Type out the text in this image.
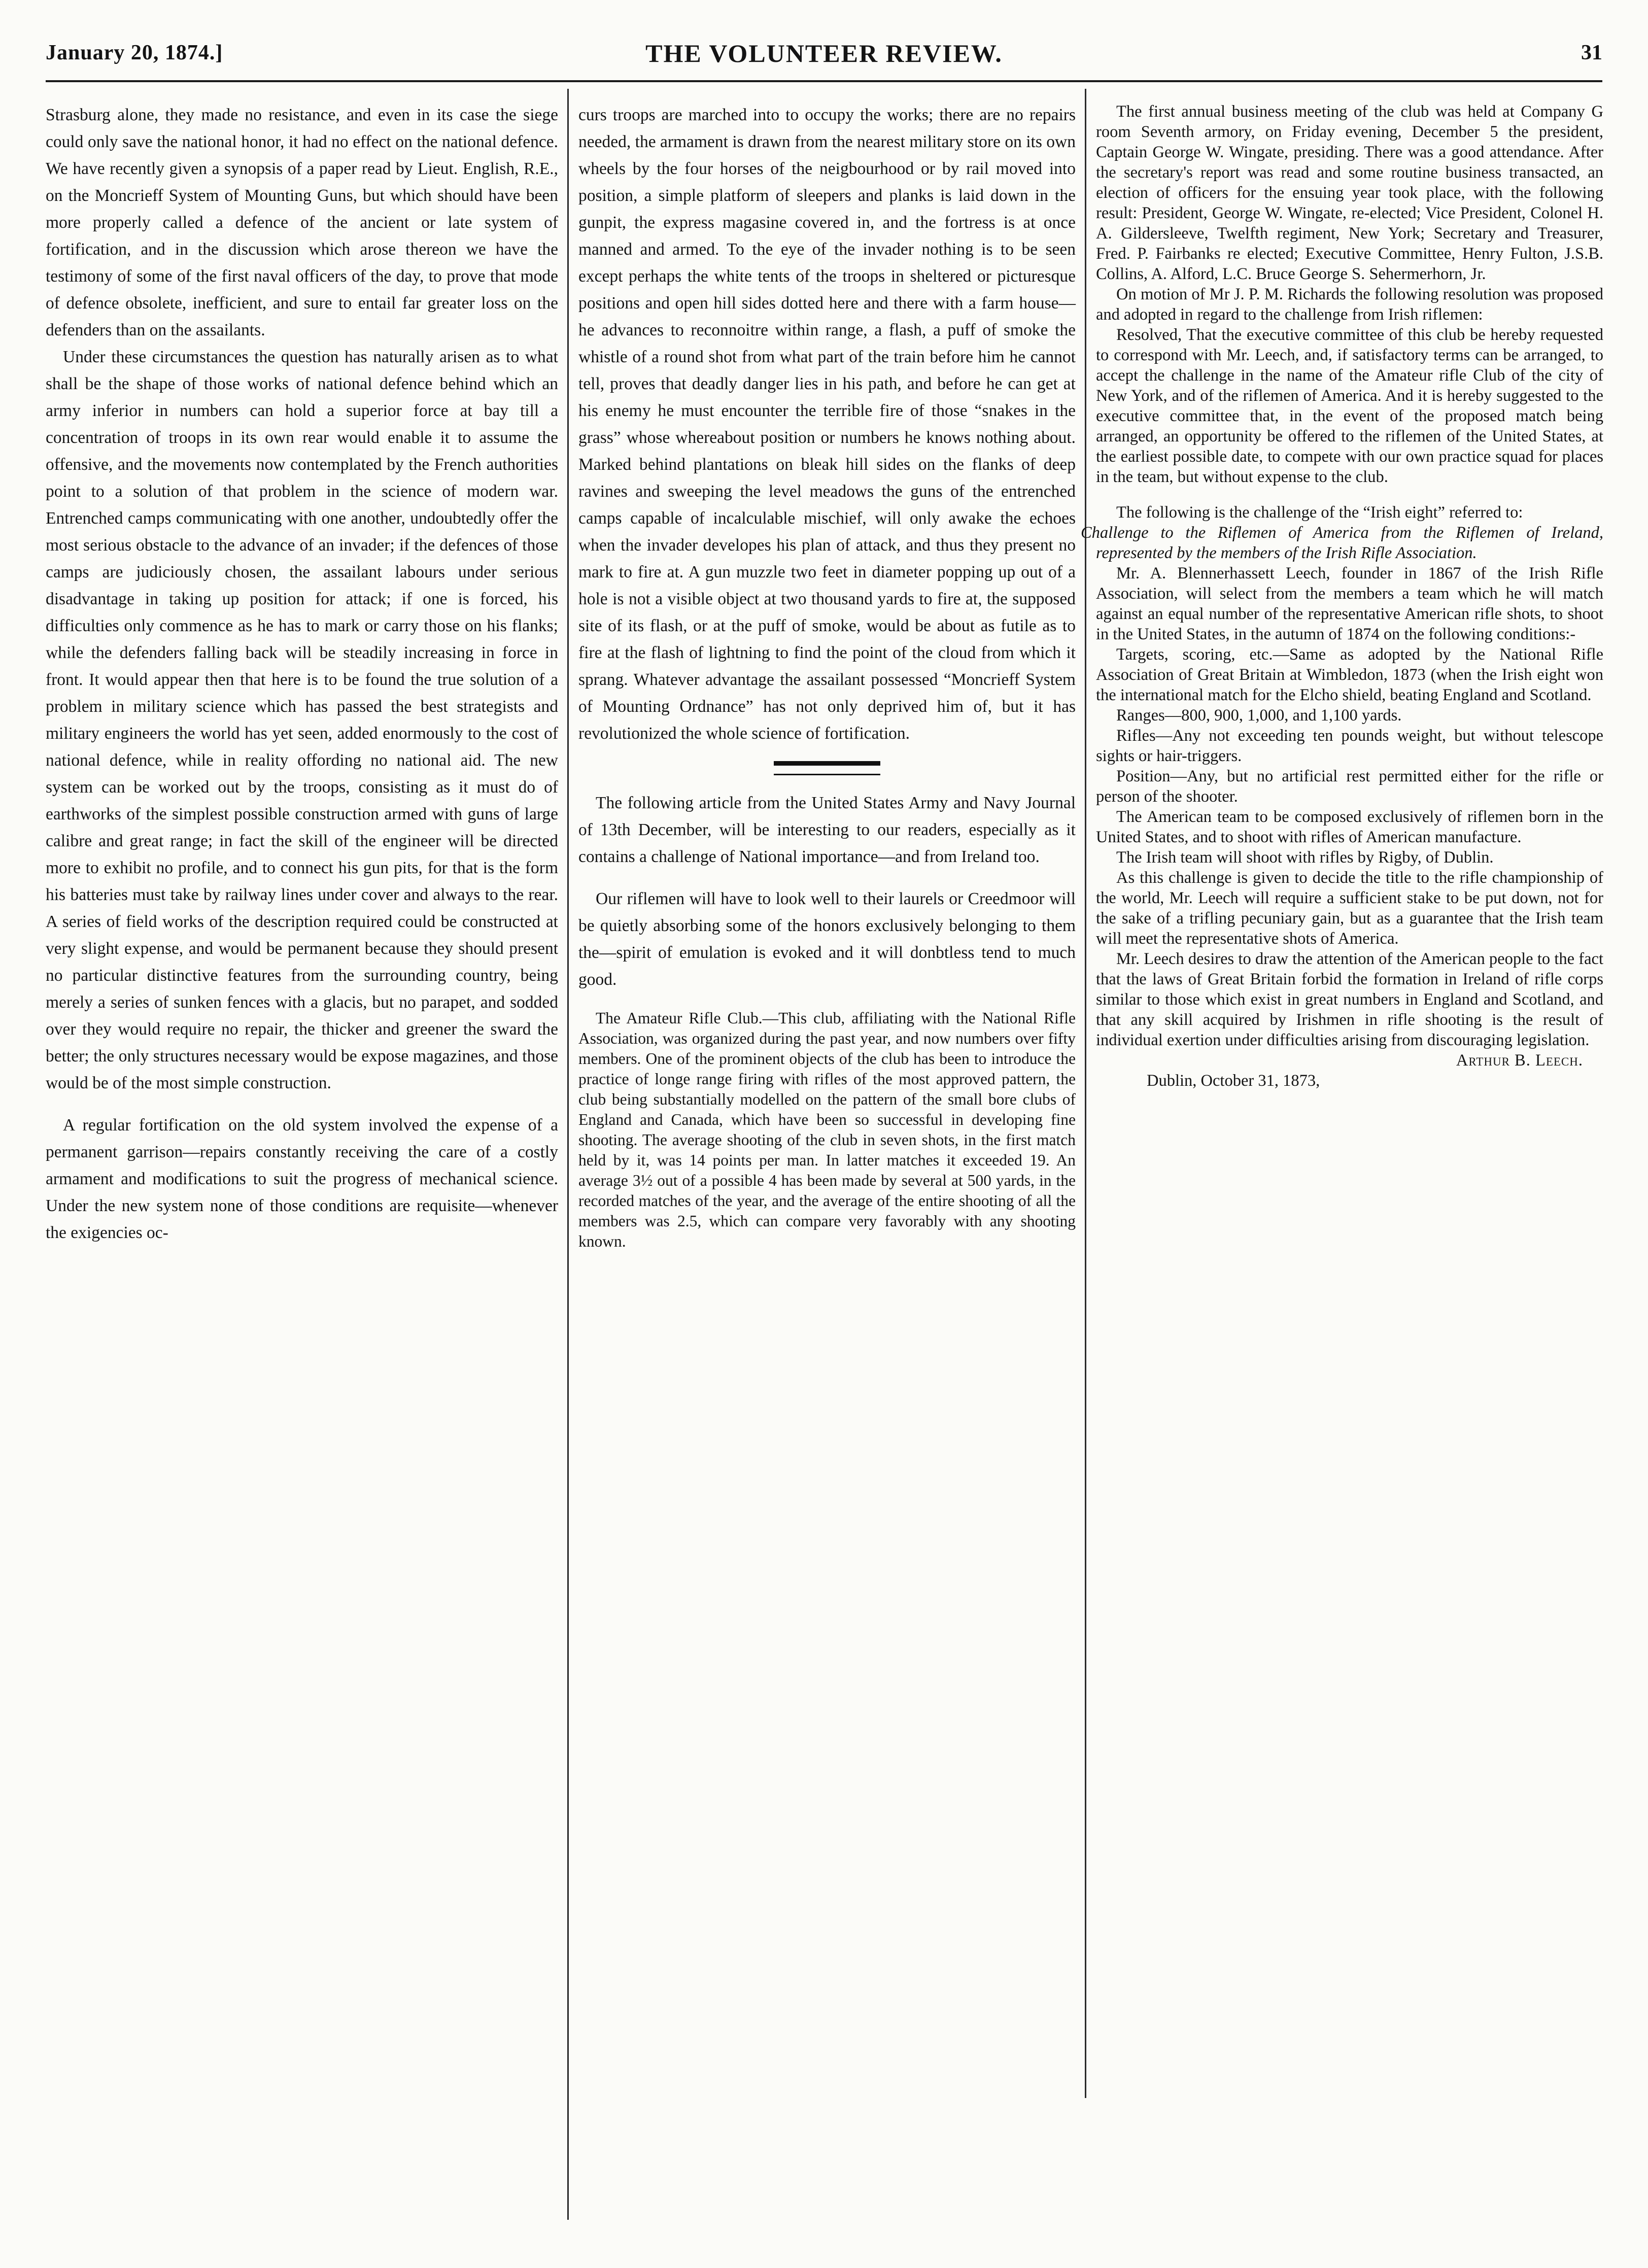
January 20, 1874.]	THE VOLUNTEER REVIEW.	31

Strasburg alone, they made no resistance, and even in its case the siege could only save the national honor, it had no effect on the national defence. We have recently given a synopsis of a paper read by Lieut. English, R.E., on the Moncrieff System of Mounting Guns, but which should have been more properly called a defence of the ancient or late system of fortification, and in the discussion which arose thereon we have the testimony of some of the first naval officers of the day, to prove that mode of defence obsolete, inefficient, and sure to entail far greater loss on the defenders than on the assailants.

Under these circumstances the question has naturally arisen as to what shall be the shape of those works of national defence behind which an army inferior in numbers can hold a superior force at bay till a concentration of troops in its own rear would enable it to assume the offensive, and the movements now contemplated by the French authorities point to a solution of that problem in the science of modern war. Entrenched camps communicating with one another, undoubtedly offer the most serious obstacle to the advance of an invader; if the defences of those camps are judiciously chosen, the assailant labours under serious disadvantage in taking up position for attack; if one is forced, his difficulties only commence as he has to mark or carry those on his flanks; while the defenders falling back will be steadily increasing in force in front. It would appear then that here is to be found the true solution of a problem in military science which has passed the best strategists and military engineers the world has yet seen, added enormously to the cost of national defence, while in reality offording no national aid. The new system can be worked out by the troops, consisting as it must do of earthworks of the simplest possible construction armed with guns of large calibre and great range; in fact the skill of the engineer will be directed more to exhibit no profile, and to connect his gun pits, for that is the form his batteries must take by railway lines under cover and always to the rear. A series of field works of the description required could be constructed at very slight expense, and would be permanent because they should present no particular distinctive features from the surrounding country, being merely a series of sunken fences with a glacis, but no parapet, and sodded over they would require no repair, the thicker and greener the sward the better; the only structures necessary would be expose magazines, and those would be of the most simple construction.

A regular fortification on the old system involved the expense of a permanent garrison—repairs constantly receiving the care of a costly armament and modifications to suit the progress of mechanical science. Under the new system none of those conditions are requisite—whenever the exigencies oc-

curs troops are marched into to occupy the works; there are no repairs needed, the armament is drawn from the nearest military store on its own wheels by the four horses of the neigbourhood or by rail moved into position, a simple platform of sleepers and planks is laid down in the gunpit, the express magasine covered in, and the fortress is at once manned and armed. To the eye of the invader nothing is to be seen except perhaps the white tents of the troops in sheltered or picturesque positions and open hill sides dotted here and there with a farm house—he advances to reconnoitre within range, a flash, a puff of smoke the whistle of a round shot from what part of the train before him he cannot tell, proves that deadly danger lies in his path, and before he can get at his enemy he must encounter the terrible fire of those “snakes in the grass” whose whereabout position or numbers he knows nothing about. Marked behind plantations on bleak hill sides on the flanks of deep ravines and sweeping the level meadows the guns of the entrenched camps capable of incalculable mischief, will only awake the echoes when the invader developes his plan of attack, and thus they present no mark to fire at. A gun muzzle two feet in diameter popping up out of a hole is not a visible object at two thousand yards to fire at, the supposed site of its flash, or at the puff of smoke, would be about as futile as to fire at the flash of lightning to find the point of the cloud from which it sprang. Whatever advantage the assailant possessed “Moncrieff System of Mounting Ordnance” has not only deprived him of, but it has revolutionized the whole science of fortification.

The following article from the United States Army and Navy Journal of 13th December, will be interesting to our readers, especially as it contains a challenge of National importance—and from Ireland too.

Our riflemen will have to look well to their laurels or Creedmoor will be quietly absorbing some of the honors exclusively belonging to them the—spirit of emulation is evoked and it will donbtless tend to much good.

The Amateur Rifle Club.—This club, affiliating with the National Rifle Association, was organized during the past year, and now numbers over fifty members. One of the prominent objects of the club has been to introduce the practice of longe range firing with rifles of the most approved pattern, the club being substantially modelled on the pattern of the small bore clubs of England and Canada, which have been so successful in developing fine shooting. The average shooting of the club in seven shots, in the first match held by it, was 14 points per man. In latter matches it exceeded 19. An average 3½ out of a possible 4 has been made by several at 500 yards, in the recorded matches of the year, and the average of the entire shooting of all the members was 2.5, which can compare very favorably with any shooting known.

The first annual business meeting of the club was held at Company G room Seventh armory, on Friday evening, December 5 the president, Captain George W. Wingate, presiding. There was a good attendance. After the secretary's report was read and some routine business transacted, an election of officers for the ensuing year took place, with the following result: President, George W. Wingate, re-elected; Vice President, Colonel H. A. Gildersleeve, Twelfth regiment, New York; Secretary and Treasurer, Fred. P. Fairbanks re elected; Executive Committee, Henry Fulton, J.S.B. Collins, A. Alford, L.C. Bruce George S. Sehermerhorn, Jr.

On motion of Mr J. P. M. Richards the following resolution was proposed and adopted in regard to the challenge from Irish riflemen:

Resolved, That the executive committee of this club be hereby requested to correspond with Mr. Leech, and, if satisfactory terms can be arranged, to accept the challenge in the name of the Amateur rifle Club of the city of New York, and of the riflemen of America. And it is hereby suggested to the executive committee that, in the event of the proposed match being arranged, an opportunity be offered to the riflemen of the United States, at the earliest possible date, to compete with our own practice squad for places in the team, but without expense to the club.

The following is the challenge of the “Irish eight” referred to:

Challenge to the Riflemen of America from the Riflemen of Ireland, represented by the members of the Irish Rifle Association.

Mr. A. Blennerhassett Leech, founder in 1867 of the Irish Rifle Association, will select from the members a team which he will match against an equal number of the representative American rifle shots, to shoot in the United States, in the autumn of 1874 on the following conditions:-

Targets, scoring, etc.—Same as adopted by the National Rifle Association of Great Britain at Wimbledon, 1873 (when the Irish eight won the international match for the Elcho shield, beating England and Scotland.

Ranges—800, 900, 1,000, and 1,100 yards.

Rifles—Any not exceeding ten pounds weight, but without telescope sights or hair-triggers.

Position—Any, but no artificial rest permitted either for the rifle or person of the shooter.

The American team to be composed exclusively of riflemen born in the United States, and to shoot with rifles of American manufacture.

The Irish team will shoot with rifles by Rigby, of Dublin.

As this challenge is given to decide the title to the rifle championship of the world, Mr. Leech will require a sufficient stake to be put down, not for the sake of a trifling pecuniary gain, but as a guarantee that the Irish team will meet the representative shots of America.

Mr. Leech desires to draw the attention of the American people to the fact that the laws of Great Britain forbid the formation in Ireland of rifle corps similar to those which exist in great numbers in England and Scotland, and that any skill acquired by Irishmen in rifle shooting is the result of individual exertion under difficulties arising from discouraging legislation.

Arthur B. Leech.

Dublin, October 31, 1873,
